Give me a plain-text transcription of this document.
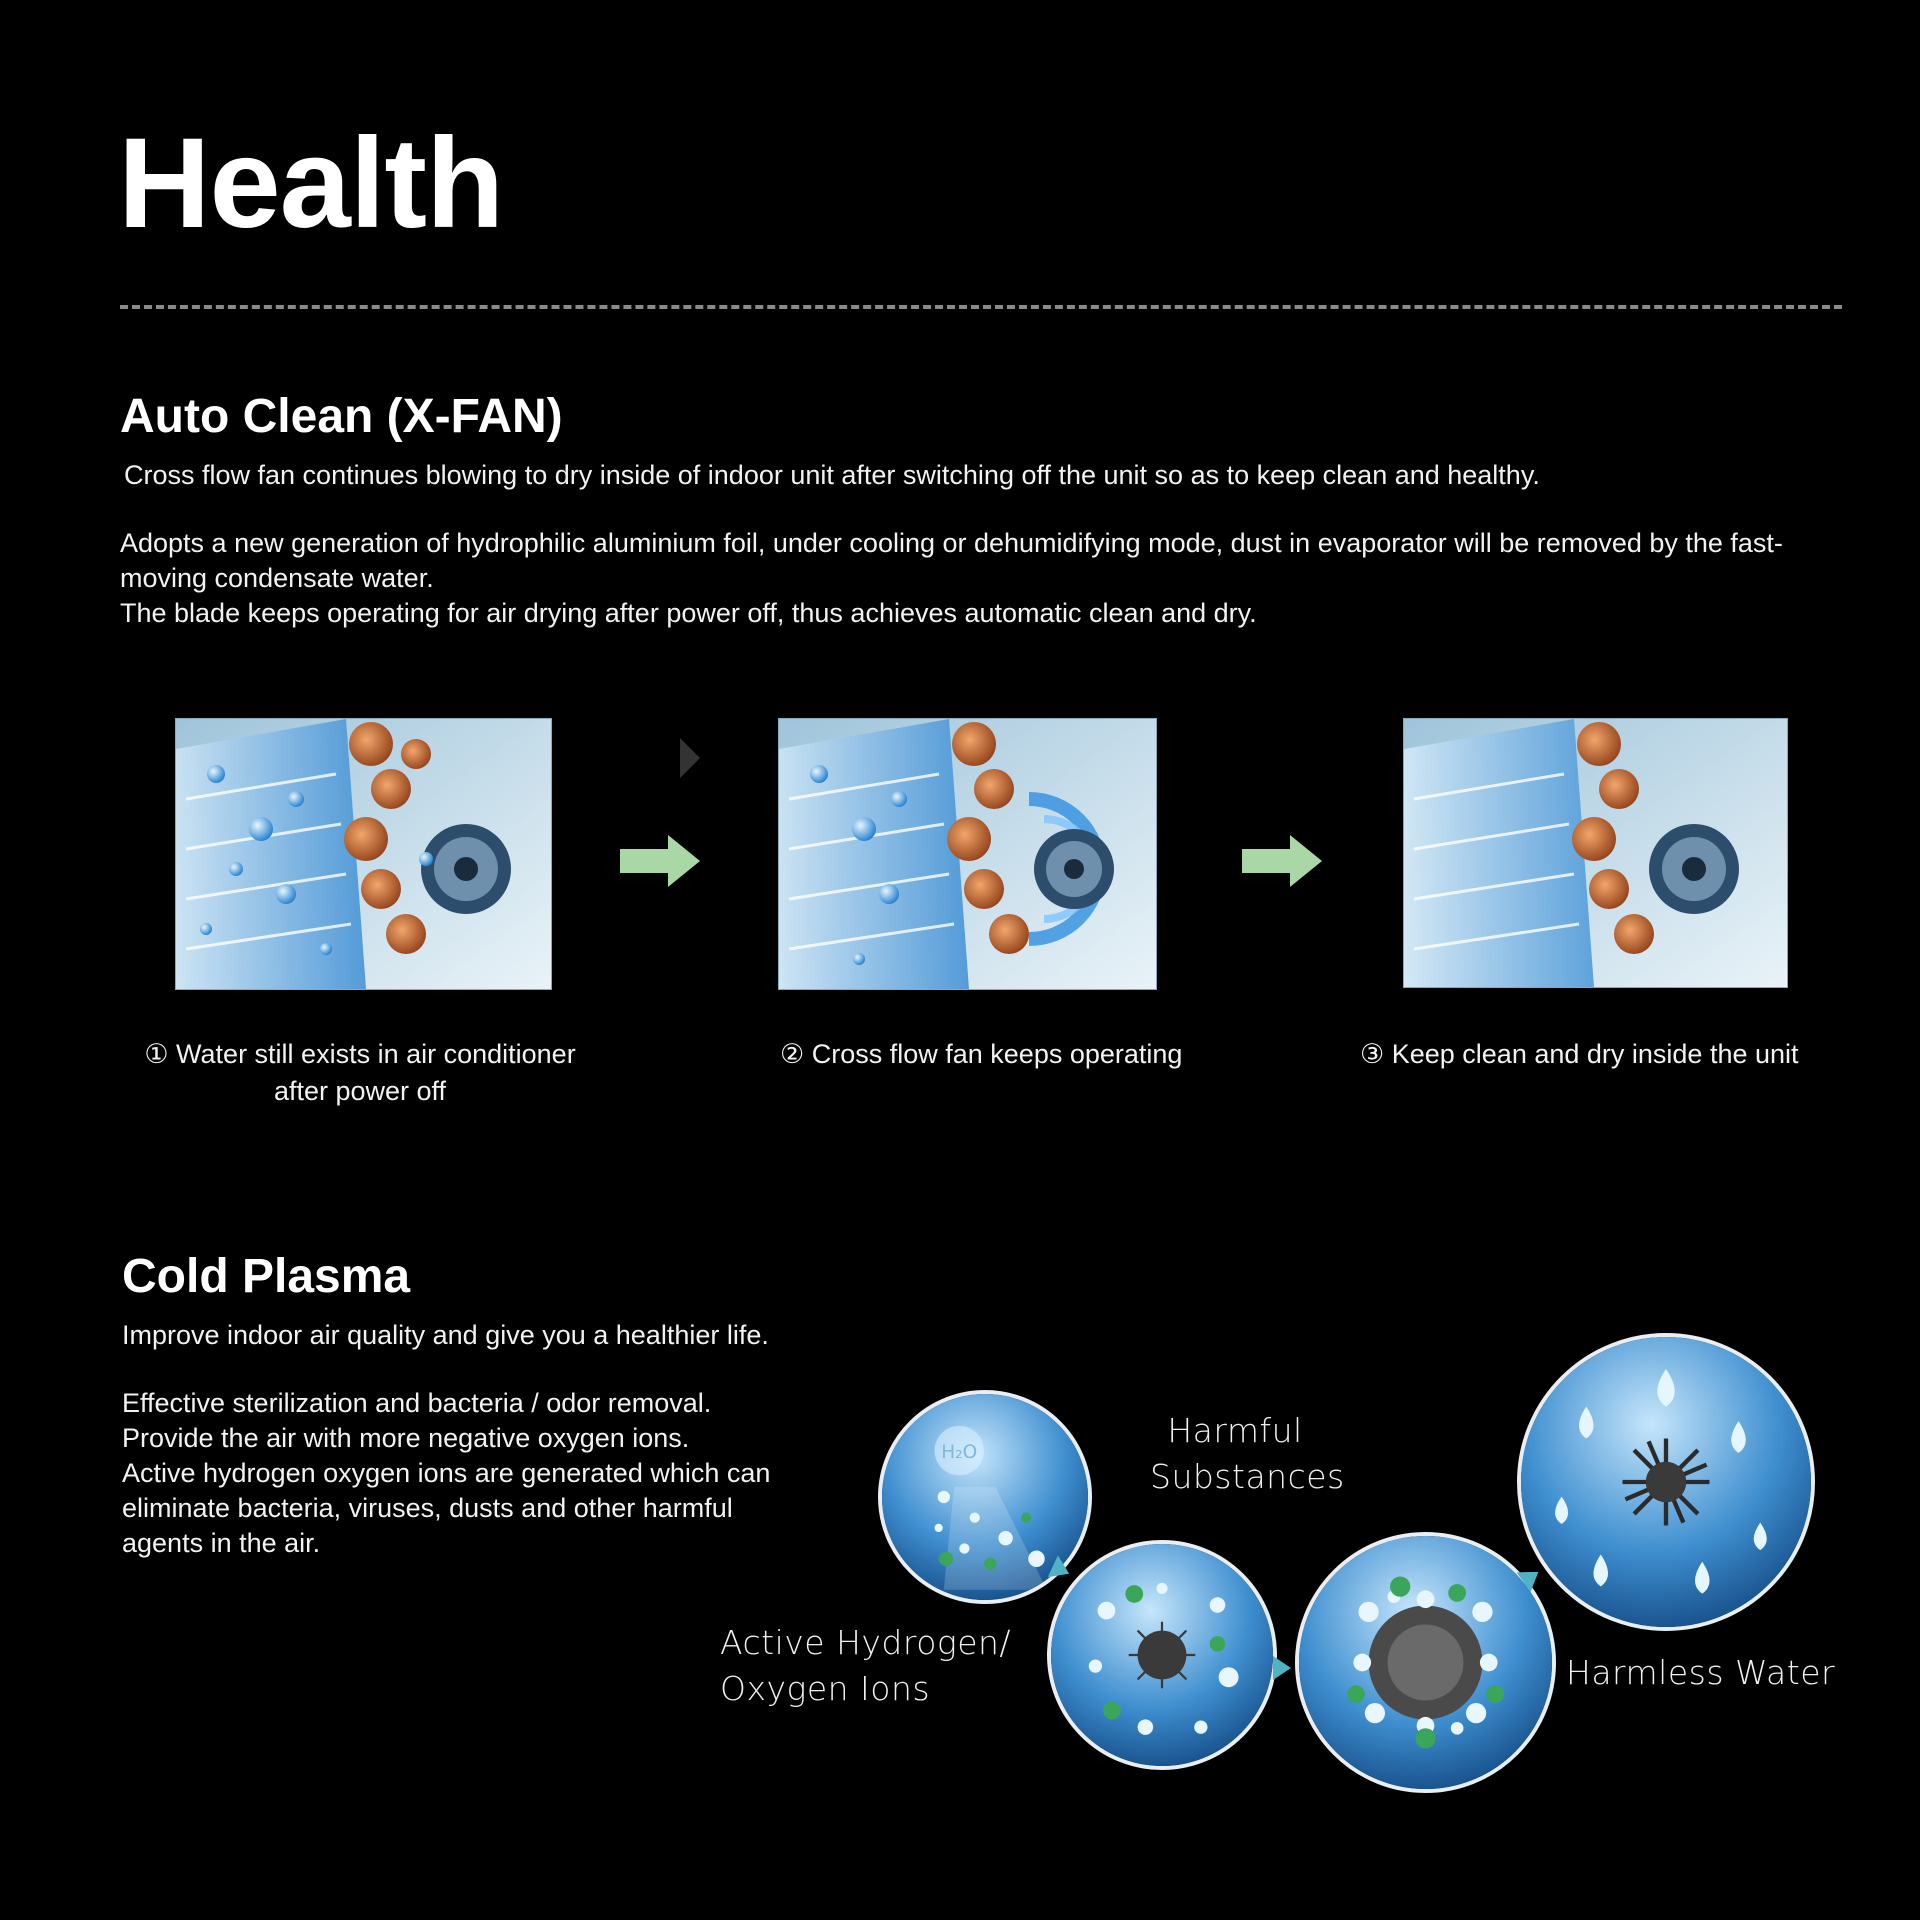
Health
Auto Clean (X-FAN)

Cross flow fan continues blowing to dry inside of indoor unit after switching off the unit so as to keep clean and healthy.

Adopts a new generation of hydrophilic aluminium foil, under cooling or dehumidifying mode, dust in evaporator will be removed by the fast-moving condensate water.
The blade keeps operating for air drying after power off, thus achieves automatic clean and dry.

① Water still exists in air conditioner
after power off
② Cross flow fan keeps operating	③ Keep clean and dry inside the unit
Cold Plasma

Improve indoor air quality and give you a healthier life.

Effective sterilization and bacteria / odor removal.
Provide the air with more negative oxygen ions.
Active hydrogen oxygen ions are generated which can
eliminate bacteria, viruses, dusts and other harmful
agents in the air.

H₂O
Harmful
Substances
Active Hydrogen/
Oxygen Ions	Harmless Water
